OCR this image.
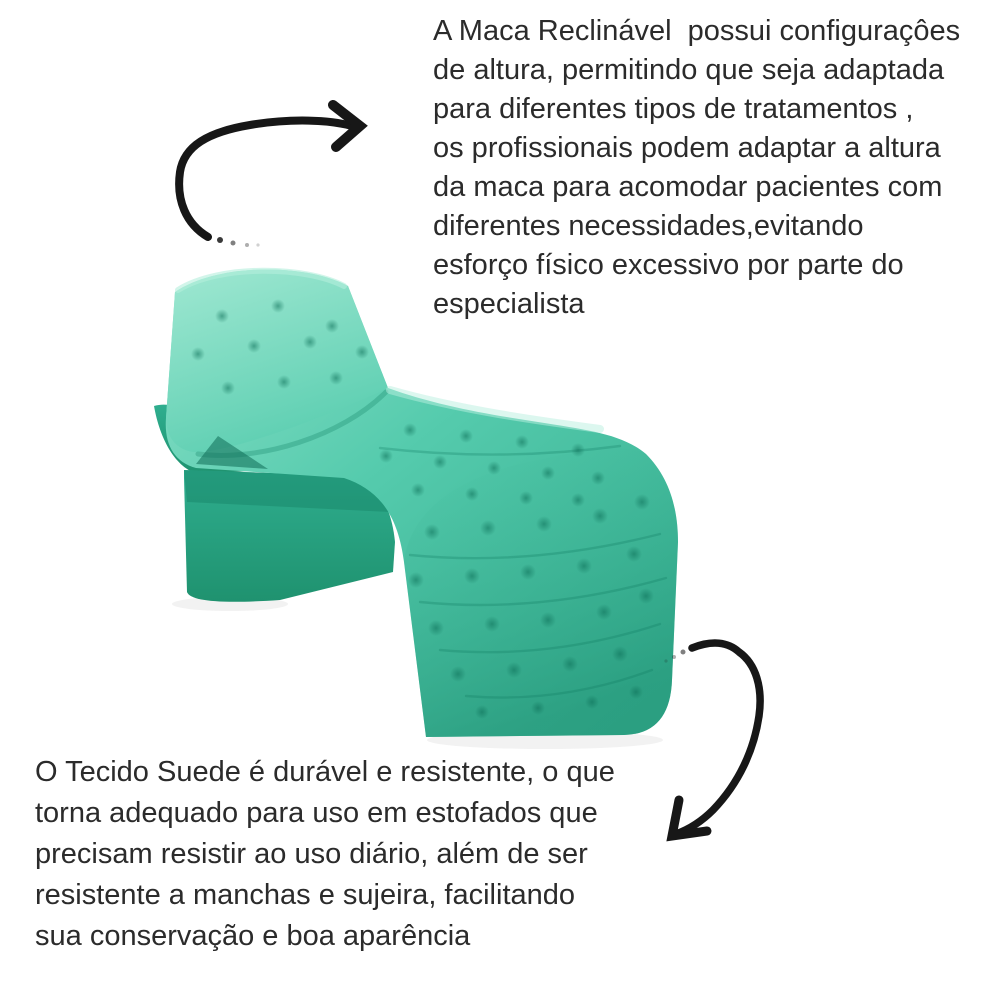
A Maca Reclinável  possui configuraçôes
de altura, permitindo que seja adaptada
para diferentes tipos de tratamentos ,
os profissionais podem adaptar a altura
da maca para acomodar pacientes com
diferentes necessidades,evitando
esforço físico excessivo por parte do
especialista
O Tecido Suede é durável e resistente, o que
torna adequado para uso em estofados que
precisam resistir ao uso diário, além de ser
resistente a manchas e sujeira, facilitando
sua conservação e boa aparência
